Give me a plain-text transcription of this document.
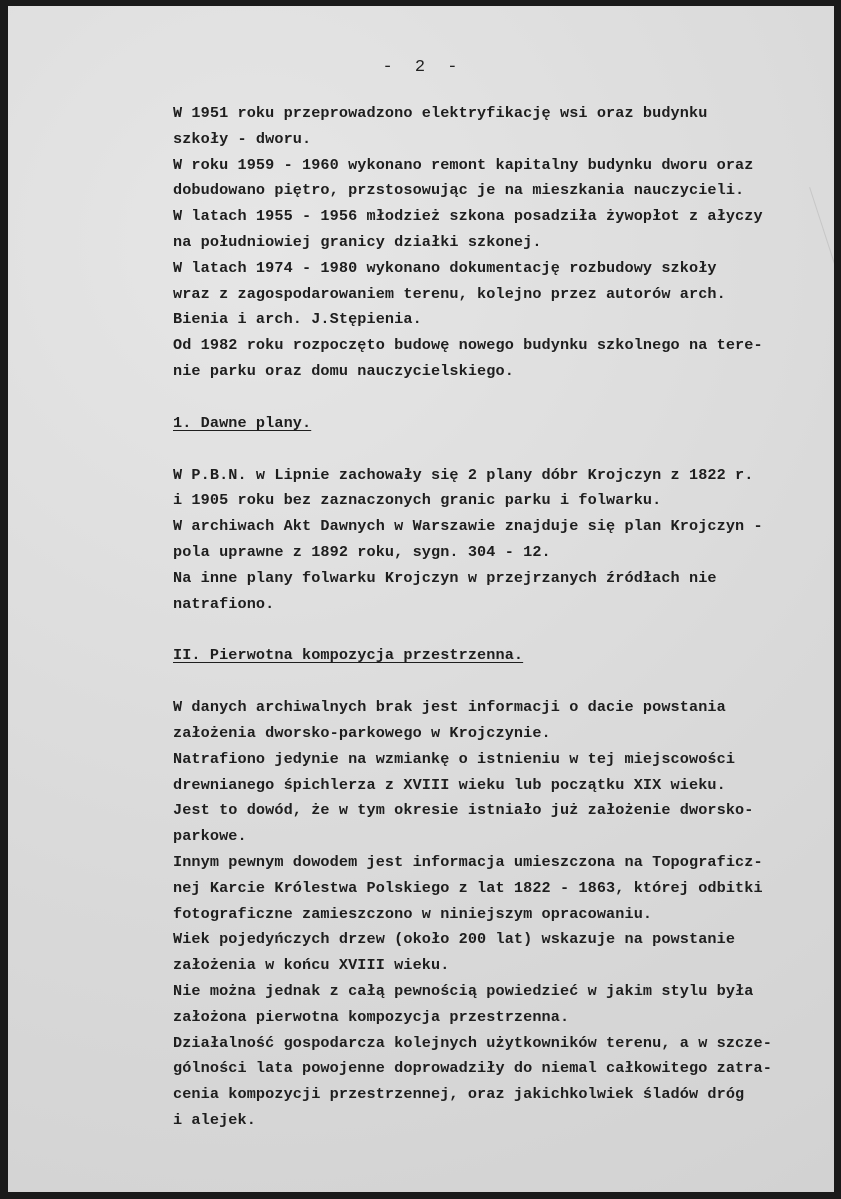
- 2 -
W 1951 roku przeprowadzono elektryfikację wsi oraz budynku
szkoły - dworu.
W roku 1959 - 1960 wykonano remont kapitalny budynku dworu oraz
dobudowano piętro, przstosowując je na mieszkania nauczycieli.
W latach 1955 - 1956 młodzież szkona posadziła żywopłot z ałyczy
na południowiej granicy działki szkonej.
W latach 1974 - 1980 wykonano dokumentację rozbudowy szkoły
wraz z zagospodarowaniem terenu, kolejno przez autorów arch.
Bienia i arch. J.Stępienia.
Od 1982 roku rozpoczęto budowę nowego budynku szkolnego na tere-
nie parku oraz domu nauczycielskiego.
1. Dawne plany.
W P.B.N. w Lipnie zachowały się 2 plany dóbr Krojczyn z 1822 r.
i 1905 roku bez zaznaczonych granic parku i folwarku.
W archiwach Akt Dawnych w Warszawie znajduje się plan Krojczyn -
pola uprawne z 1892 roku, sygn. 304 - 12.
Na inne plany folwarku Krojczyn w przejrzanych źródłach nie
natrafiono.
II. Pierwotna kompozycja przestrzenna.
W danych archiwalnych brak jest informacji o dacie powstania
założenia dworsko-parkowego w Krojczynie.
Natrafiono jedynie na wzmiankę o istnieniu w tej miejscowości
drewnianego śpichlerza z XVIII wieku lub początku XIX wieku.
Jest to dowód, że w tym okresie istniało już założenie dworsko-
parkowe.
Innym pewnym dowodem jest informacja umieszczona na Topograficz-
nej Karcie Królestwa Polskiego z lat 1822 - 1863, której odbitki
fotograficzne zamieszczono w niniejszym opracowaniu.
Wiek pojedyńczych drzew (około 200 lat) wskazuje na powstanie
założenia w końcu XVIII wieku.
Nie można jednak z całą pewnością powiedzieć w jakim stylu była
założona pierwotna kompozycja przestrzenna.
Działalność gospodarcza kolejnych użytkowników terenu, a w szcze-
gólności lata powojenne doprowadziły do niemal całkowitego zatra-
cenia kompozycji przestrzennej, oraz jakichkolwiek śladów dróg
i alejek.
